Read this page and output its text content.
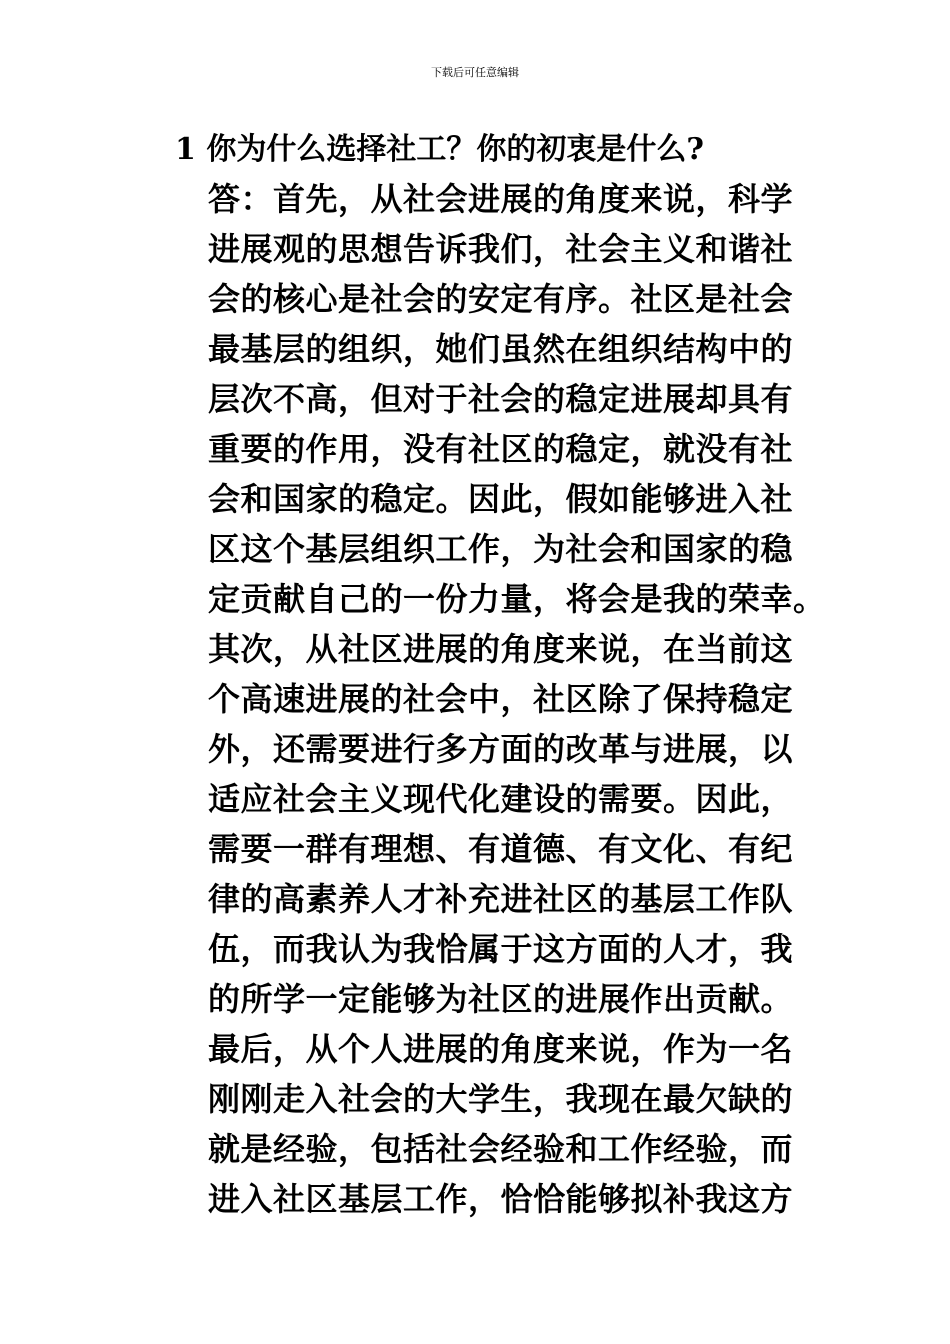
下载后可任意编辑
1 你为什么选择社工？你的初衷是什么?
答：首先，从社会进展的角度来说，科学
进展观的思想告诉我们，社会主义和谐社
会的核心是社会的安定有序。社区是社会
最基层的组织，她们虽然在组织结构中的
层次不高，但对于社会的稳定进展却具有
重要的作用，没有社区的稳定，就没有社
会和国家的稳定。因此，假如能够进入社
区这个基层组织工作，为社会和国家的稳
定贡献自己的一份力量，将会是我的荣幸。
其次，从社区进展的角度来说，在当前这
个高速进展的社会中，社区除了保持稳定
外，还需要进行多方面的改革与进展，以
适应社会主义现代化建设的需要。因此，
需要一群有理想、有道德、有文化、有纪
律的高素养人才补充进社区的基层工作队
伍，而我认为我恰属于这方面的人才，我
的所学一定能够为社区的进展作出贡献。
最后，从个人进展的角度来说，作为一名
刚刚走入社会的大学生，我现在最欠缺的
就是经验，包括社会经验和工作经验，而
进入社区基层工作，恰恰能够拟补我这方
